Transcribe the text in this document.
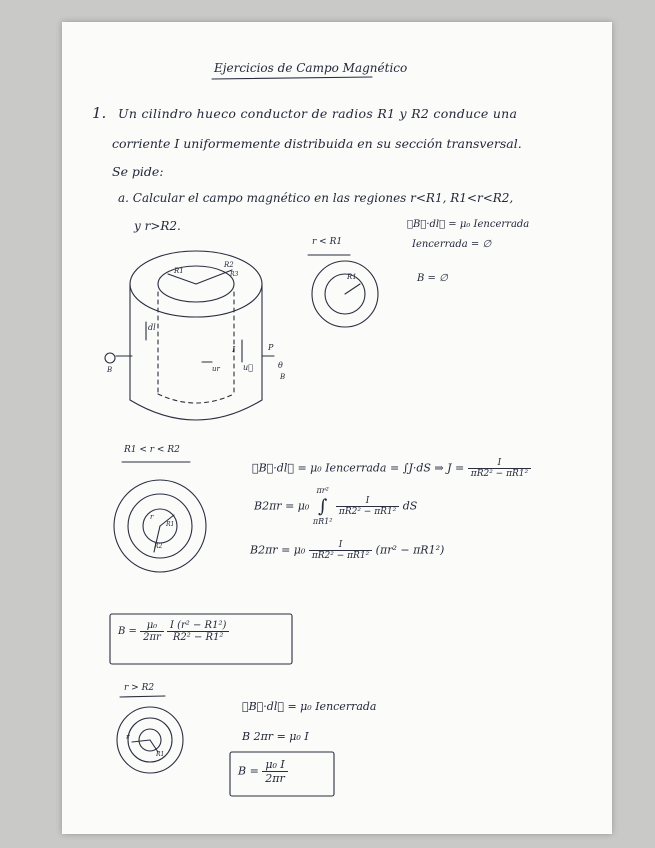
Ejercicios de Campo Magnético
1. Un cilindro hueco conductor de radios R1 y R2 conduce una
corriente I uniformemente distribuida en su sección transversal.
Se pide:
a. Calcular el campo magnético en las regiones r<R1, R1<r<R2,
y r>R2.
r < R1
∮B⃗·dl⃗ = μ₀ Iencerrada
Iencerrada = ∅
B = ∅
R1
R1
R2
R3
dl
I	P
B
B
u⃗
ur	θ
R1 < r < R2
∮B⃗·dl⃗ = μ₀ Iencerrada = ∫J·dS ⇒ $J = \frac{I}{\text{πR2² − πR1²}}$
B2πr = μ₀
πr²
∫
πR1²

$\frac{I}{\text{πR2² − πR1²}}$ dS
$B2\pi r = \mu_0 \frac{I}{\text{πR2² − πR1²}} (\pi r^2 - \pi R1^2)$
R1
R2
r
$B = \frac{\text{μ₀}}{2\pi r}$
$\frac{\text{I (r² − R1²)}}{\text{R2² − R1²}}$
r > R2
∮B⃗·dl⃗ = μ₀ Iencerrada
B 2πr = μ₀ I
$B = \frac{\text{μ₀ I}}{2\pi r}$
r
R1
